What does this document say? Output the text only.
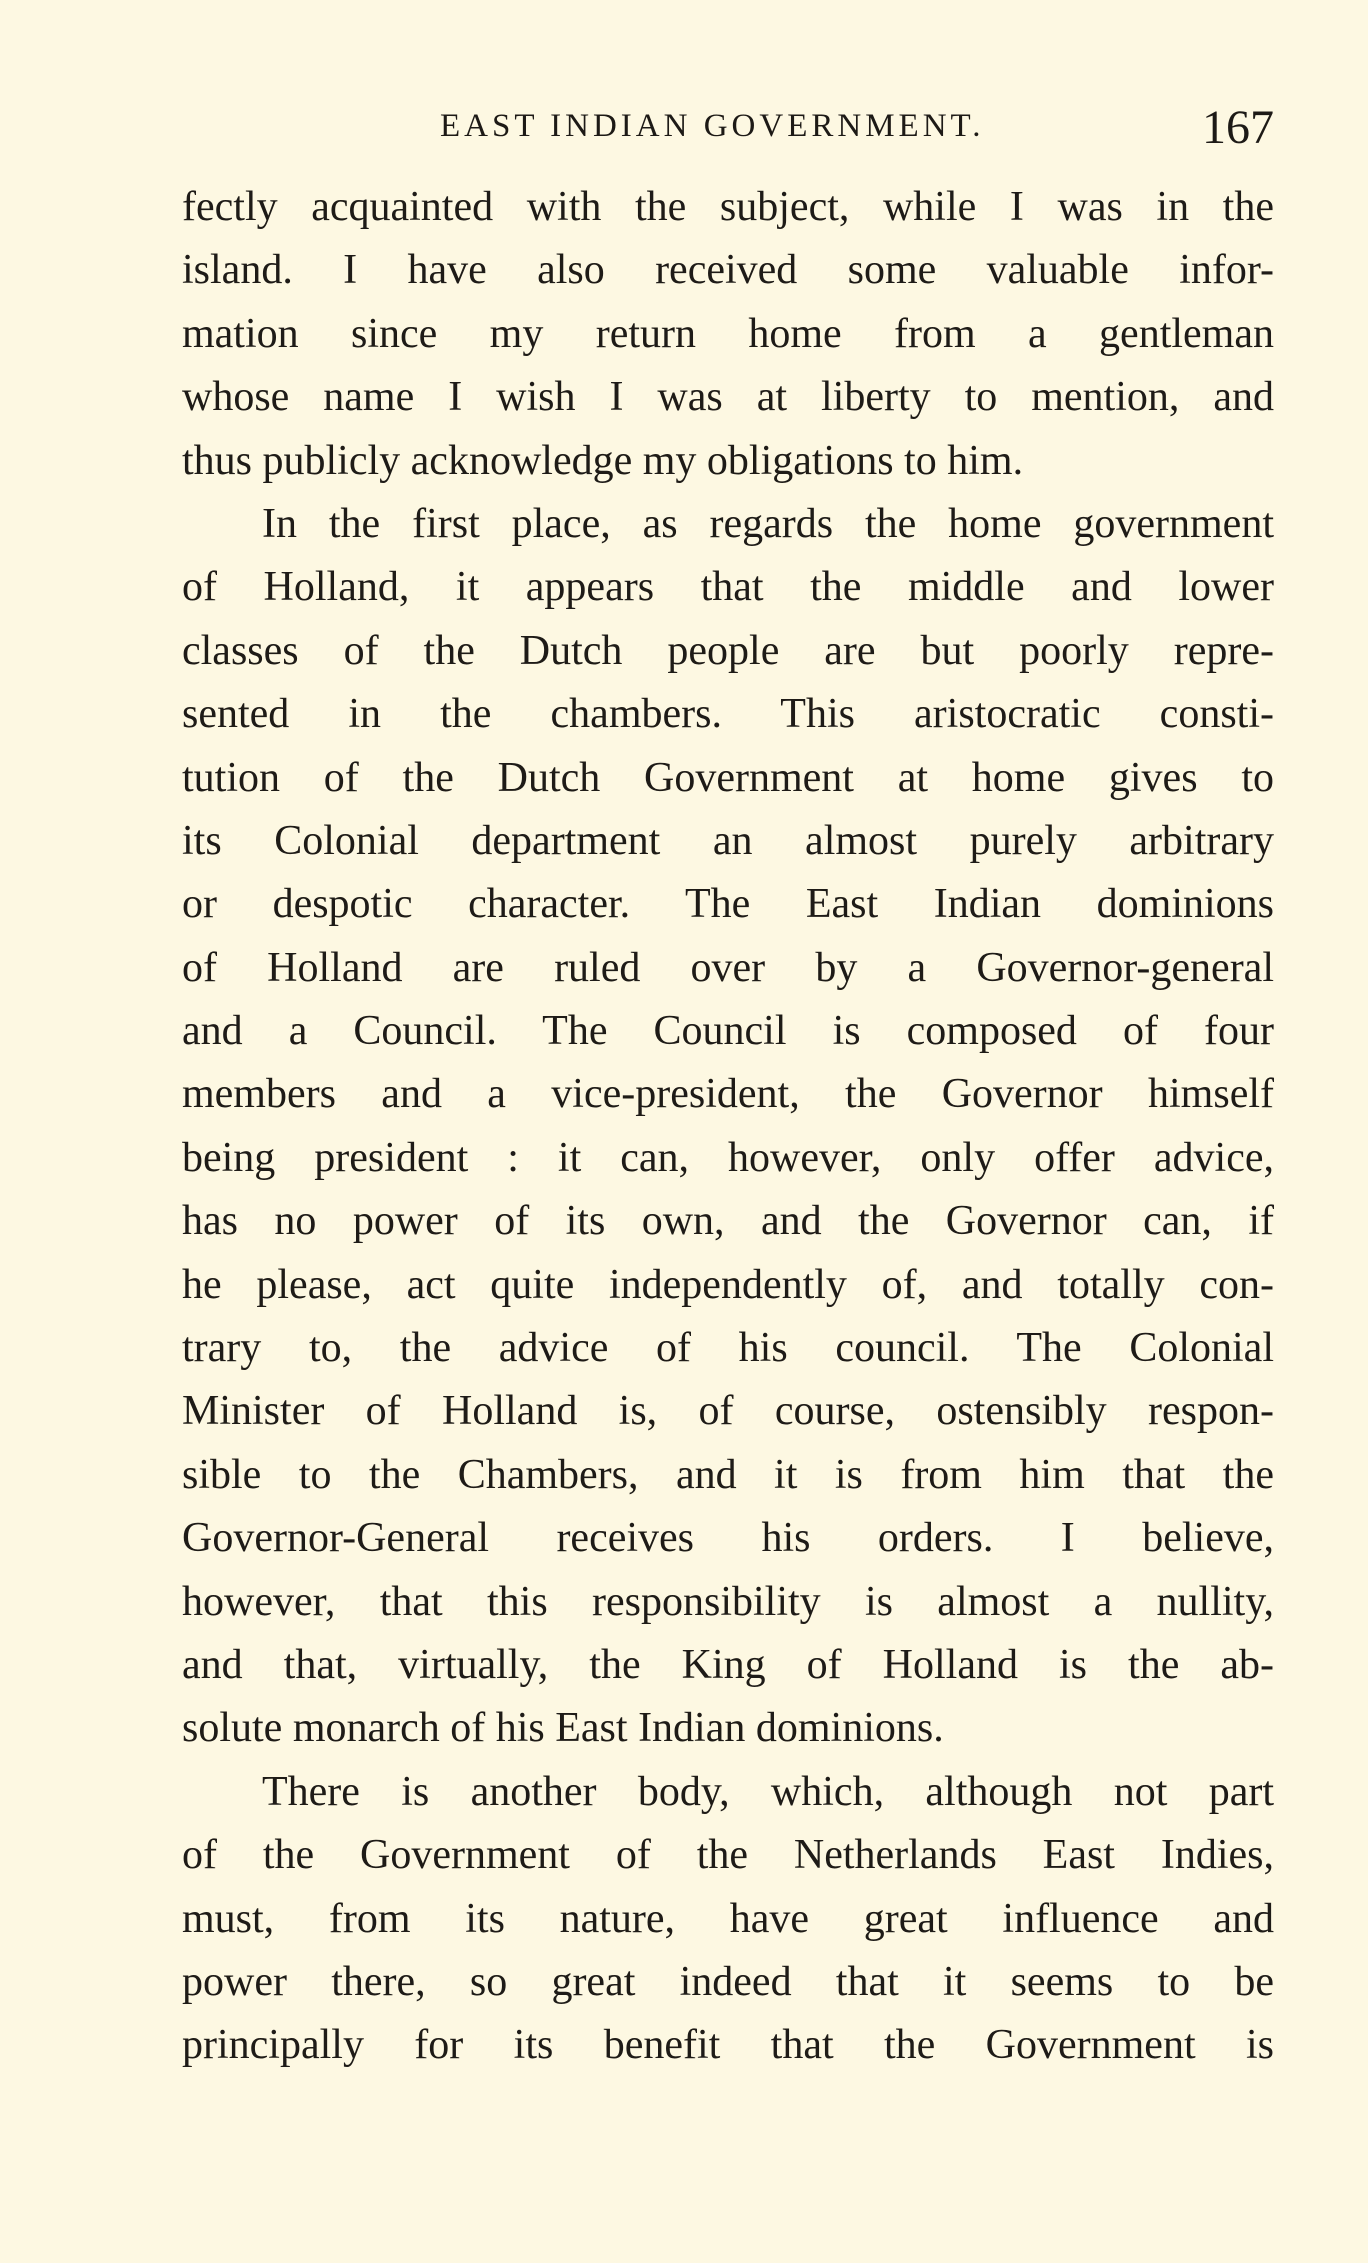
EAST INDIAN GOVERNMENT.	167
fectly acquainted with the subject, while I was in the
island. I have also received some valuable infor-
mation since my return home from a gentleman
whose name I wish I was at liberty to mention, and
thus publicly acknowledge my obligations to him.
In the first place, as regards the home government
of Holland, it appears that the middle and lower
classes of the Dutch people are but poorly repre-
sented in the chambers. This aristocratic consti-
tution of the Dutch Government at home gives to
its Colonial department an almost purely arbitrary
or despotic character. The East Indian dominions
of Holland are ruled over by a Governor-general
and a Council. The Council is composed of four
members and a vice-president, the Governor himself
being president : it can, however, only offer advice,
has no power of its own, and the Governor can, if
he please, act quite independently of, and totally con-
trary to, the advice of his council. The Colonial
Minister of Holland is, of course, ostensibly respon-
sible to the Chambers, and it is from him that the
Governor-General receives his orders. I believe,
however, that this responsibility is almost a nullity,
and that, virtually, the King of Holland is the ab-
solute monarch of his East Indian dominions.
There is another body, which, although not part
of the Government of the Netherlands East Indies,
must, from its nature, have great influence and
power there, so great indeed that it seems to be
principally for its benefit that the Government is
